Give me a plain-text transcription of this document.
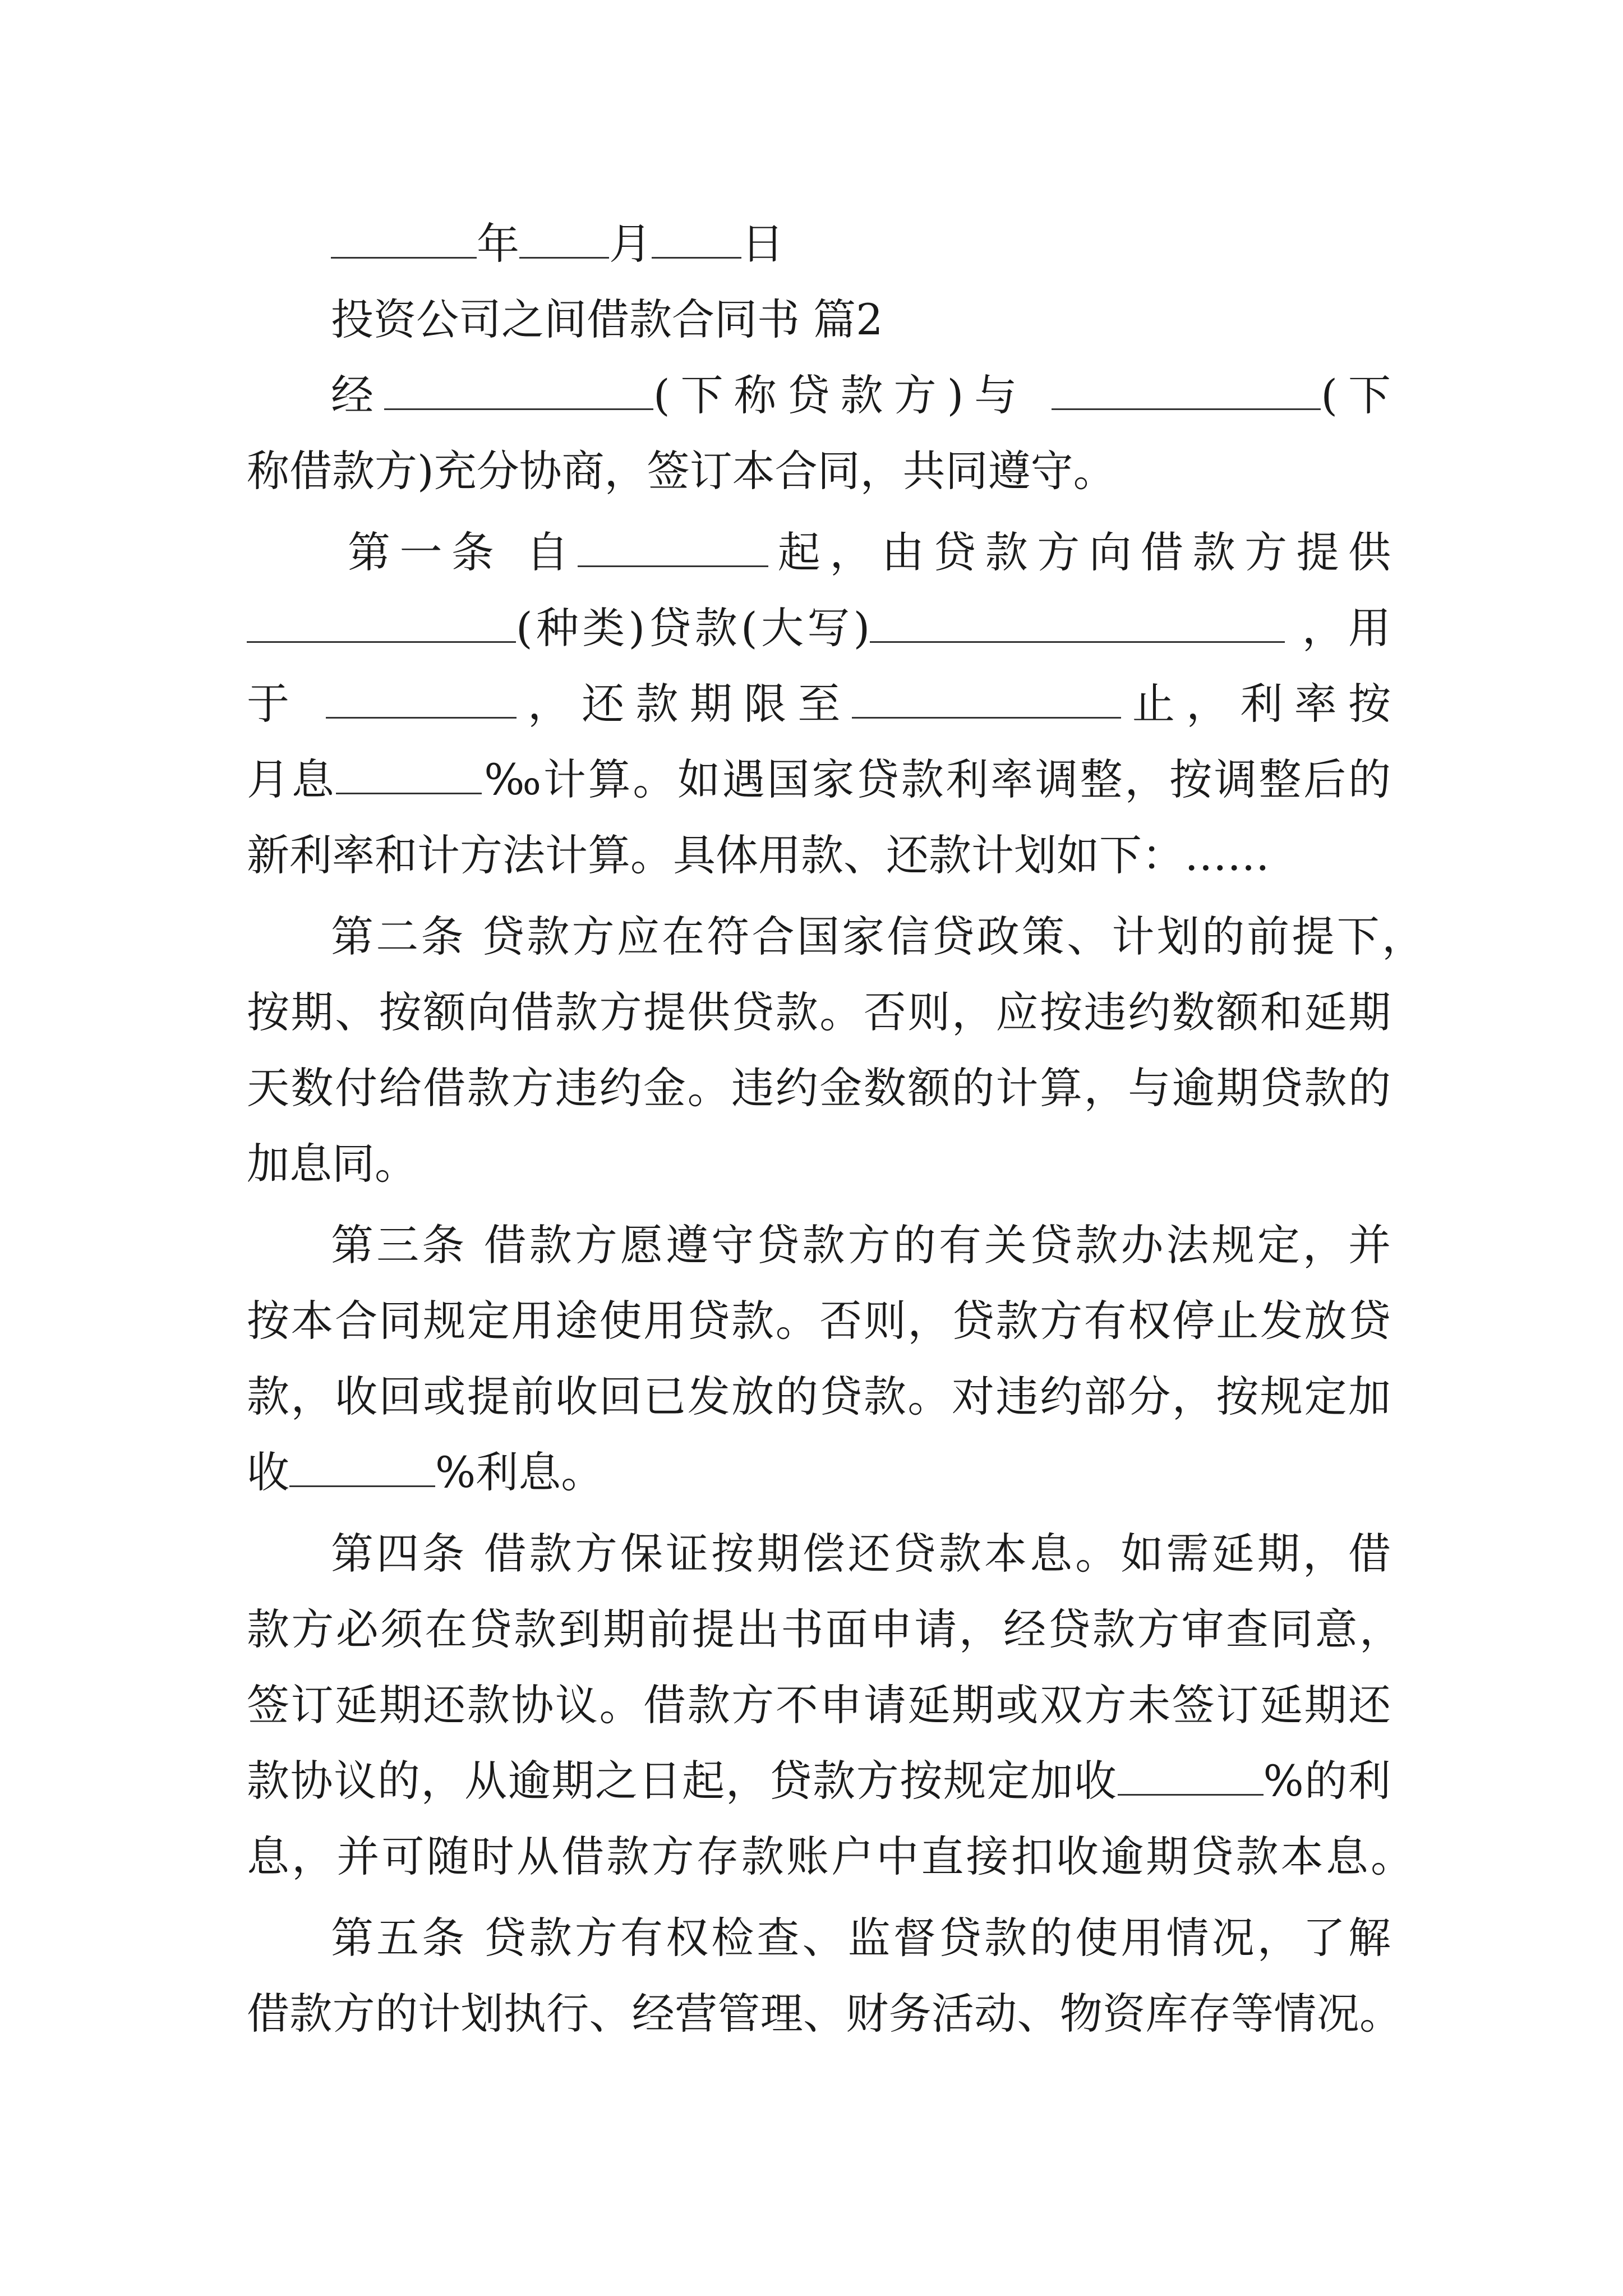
年 月 日
投资公司之间借款合同书 篇2
经	(下称贷款方)与	(下
称借款方)充分协商，签订本合同，共同遵守。
第一条 自	起，由贷款方向借款方提供
(种类)贷款(大写)	，用
于	，还款期限至	止，利率按
月息	‰计算。如遇国家贷款利率调整，按调整后的
新利率和计方法计算。具体用款、还款计划如下：……
第二条 贷款方应在符合国家信贷政策、计划的前提下，
按期、按额向借款方提供贷款。否则，应按违约数额和延期
天数付给借款方违约金。违约金数额的计算，与逾期贷款的
加息同。
第三条 借款方愿遵守贷款方的有关贷款办法规定，并
按本合同规定用途使用贷款。否则，贷款方有权停止发放贷
款，收回或提前收回已发放的贷款。对违约部分，按规定加
收	%利息。
第四条 借款方保证按期偿还贷款本息。如需延期，借
款方必须在贷款到期前提出书面申请，经贷款方审查同意，
签订延期还款协议。借款方不申请延期或双方未签订延期还
款协议的，从逾期之日起，贷款方按规定加收	%的利
息，并可随时从借款方存款账户中直接扣收逾期贷款本息。
第五条 贷款方有权检查、监督贷款的使用情况，了解
借款方的计划执行、经营管理、财务活动、物资库存等情况。
